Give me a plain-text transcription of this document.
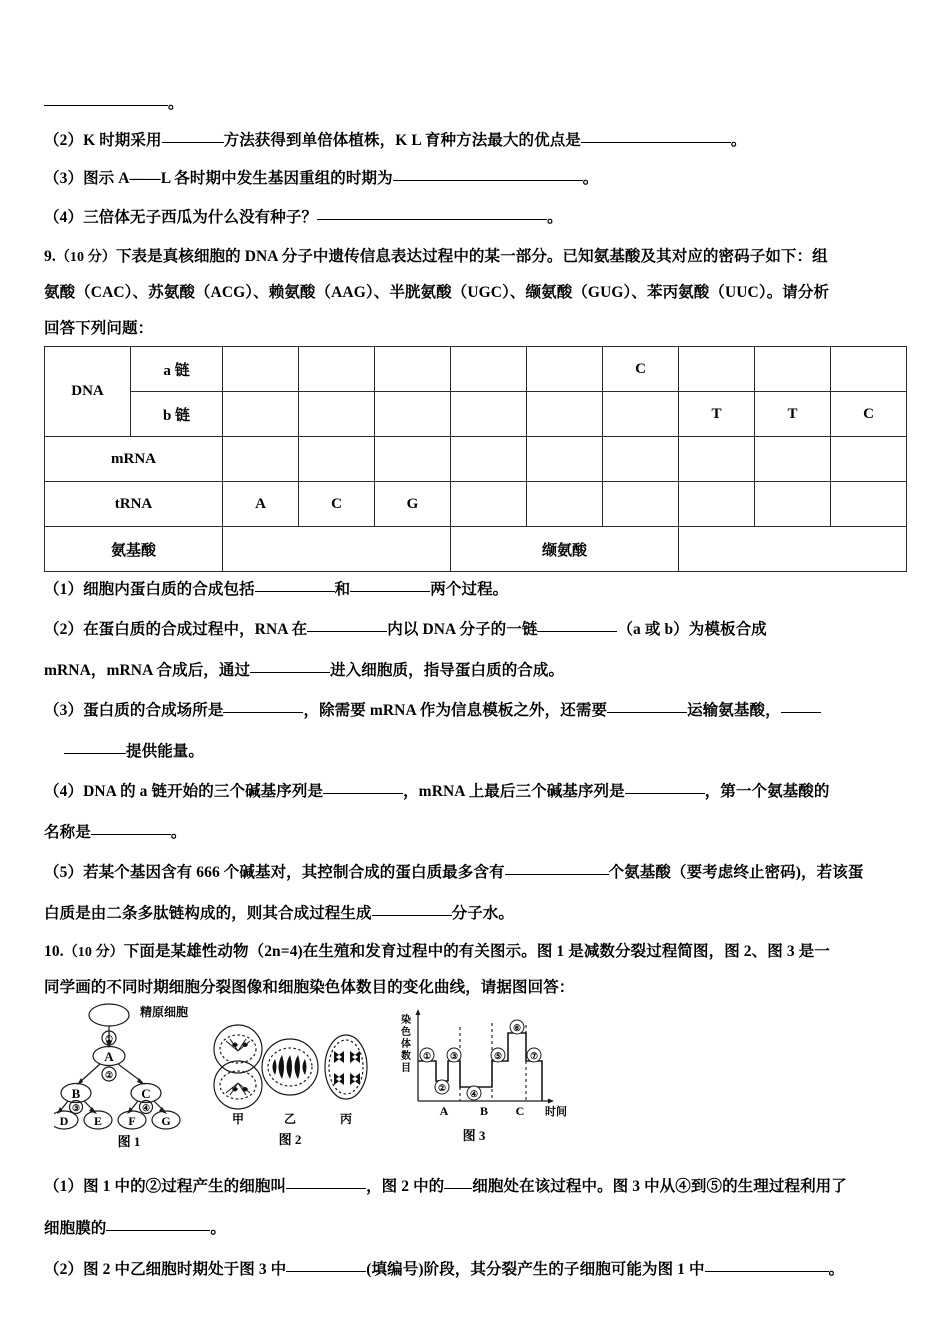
。
（2）K 时期采用	方法获得到单倍体植株，K L 育种方法最大的优点是	。
（3）图示 A——L 各时期中发生基因重组的时期为	。
（4）三倍体无子西瓜为什么没有种子？	。
9.（10 分）下表是真核细胞的 DNA 分子中遗传信息表达过程中的某一部分。已知氨基酸及其对应的密码子如下：组
氨酸（CAC）、苏氨酸（ACG）、赖氨酸（AAG）、半胱氨酸（UGC）、缬氨酸（GUG）、苯丙氨酸（UUC）。请分析
回答下列问题：
DNA	a 链						C			
	b 链							T	T	C
mRNA										
tRNA		A	C	G						
氨基酸					缬氨酸					
（1）细胞内蛋白质的合成包括	和	两个过程。
（2）在蛋白质的合成过程中，RNA 在	内以 DNA 分子的一链	（a 或 b）为模板合成
mRNA，mRNA 合成后，通过	进入细胞质，指导蛋白质的合成。
（3）蛋白质的合成场所是	，除需要 mRNA 作为信息模板之外，还需要	运输氨基酸，
提供能量。
（4）DNA 的 a 链开始的三个碱基序列是	，mRNA 上最后三个碱基序列是	，第一个氨基酸的
名称是	。
（5）若某个基因含有 666 个碱基对，其控制合成的蛋白质最多含有	个氨基酸（要考虑终止密码)，若该蛋
白质是由二条多肽链构成的，则其合成过程生成	分子水。
10.（10 分）下面是某雄性动物（2n=4)在生殖和发育过程中的有关图示。图 1 是减数分裂过程简图，图 2、图 3 是一
同学画的不同时期细胞分裂图像和细胞染色体数目的变化曲线，请据图回答：
精原细胞
A
B	C
D E F G
①
②
③	④
图 1
甲	乙	丙
图 2
①
②
③
④
⑤
⑥
⑦
A	B C 时间
染
色
体
数
目
图 3
（1）图 1 中的②过程产生的细胞叫	，图 2 中的 细胞处在该过程中。图 3 中从④到⑤的生理过程利用了
细胞膜的	。
（2）图 2 中乙细胞时期处于图 3 中	(填编号)阶段，其分裂产生的子细胞可能为图 1 中	。
